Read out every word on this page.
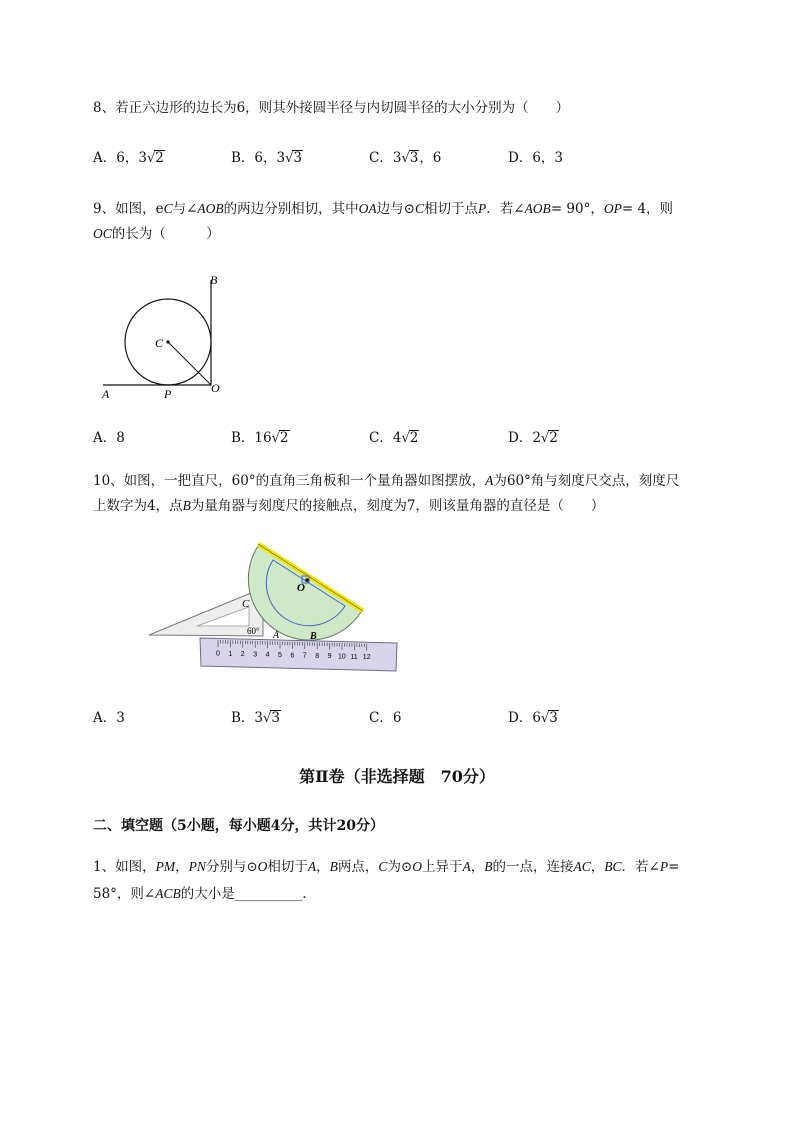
8、若正六边形的边长为6，则其外接圆半径与内切圆半径的大小分别为（　　）
A．6，3√2	B．6，3√3	C．3√3，6	D．6，3
9、如图，eC与∠AOB的两边分别相切，其中OA边与⊙C相切于点P．若∠AOB= 90°，OP= 4，则
OC的长为（　　　）
B
C
A	P	O
A．8	B．16√2	C．4√2	D．2√2
10、如图，一把直尺，60°的直角三角板和一个量角器如图摆放，A为60°角与刻度尺交点，刻度尺
上数字为4，点B为量角器与刻度尺的接触点，刻度为7，则该量角器的直径是（　　）
0 1 2 3 4 5 6 7 8 9 10 11 12
O
C
60° A	B
A．3	B．3√3	C．6	D．6√3
第Ⅱ卷（非选择题　70分）
二、填空题（5小题，每小题4分，共计20分）
1、如图，PM，PN分别与⊙O相切于A，B两点，C为⊙O上异于A，B的一点，连接AC，BC．若∠P=
58°，则∠ACB的大小是__________.
